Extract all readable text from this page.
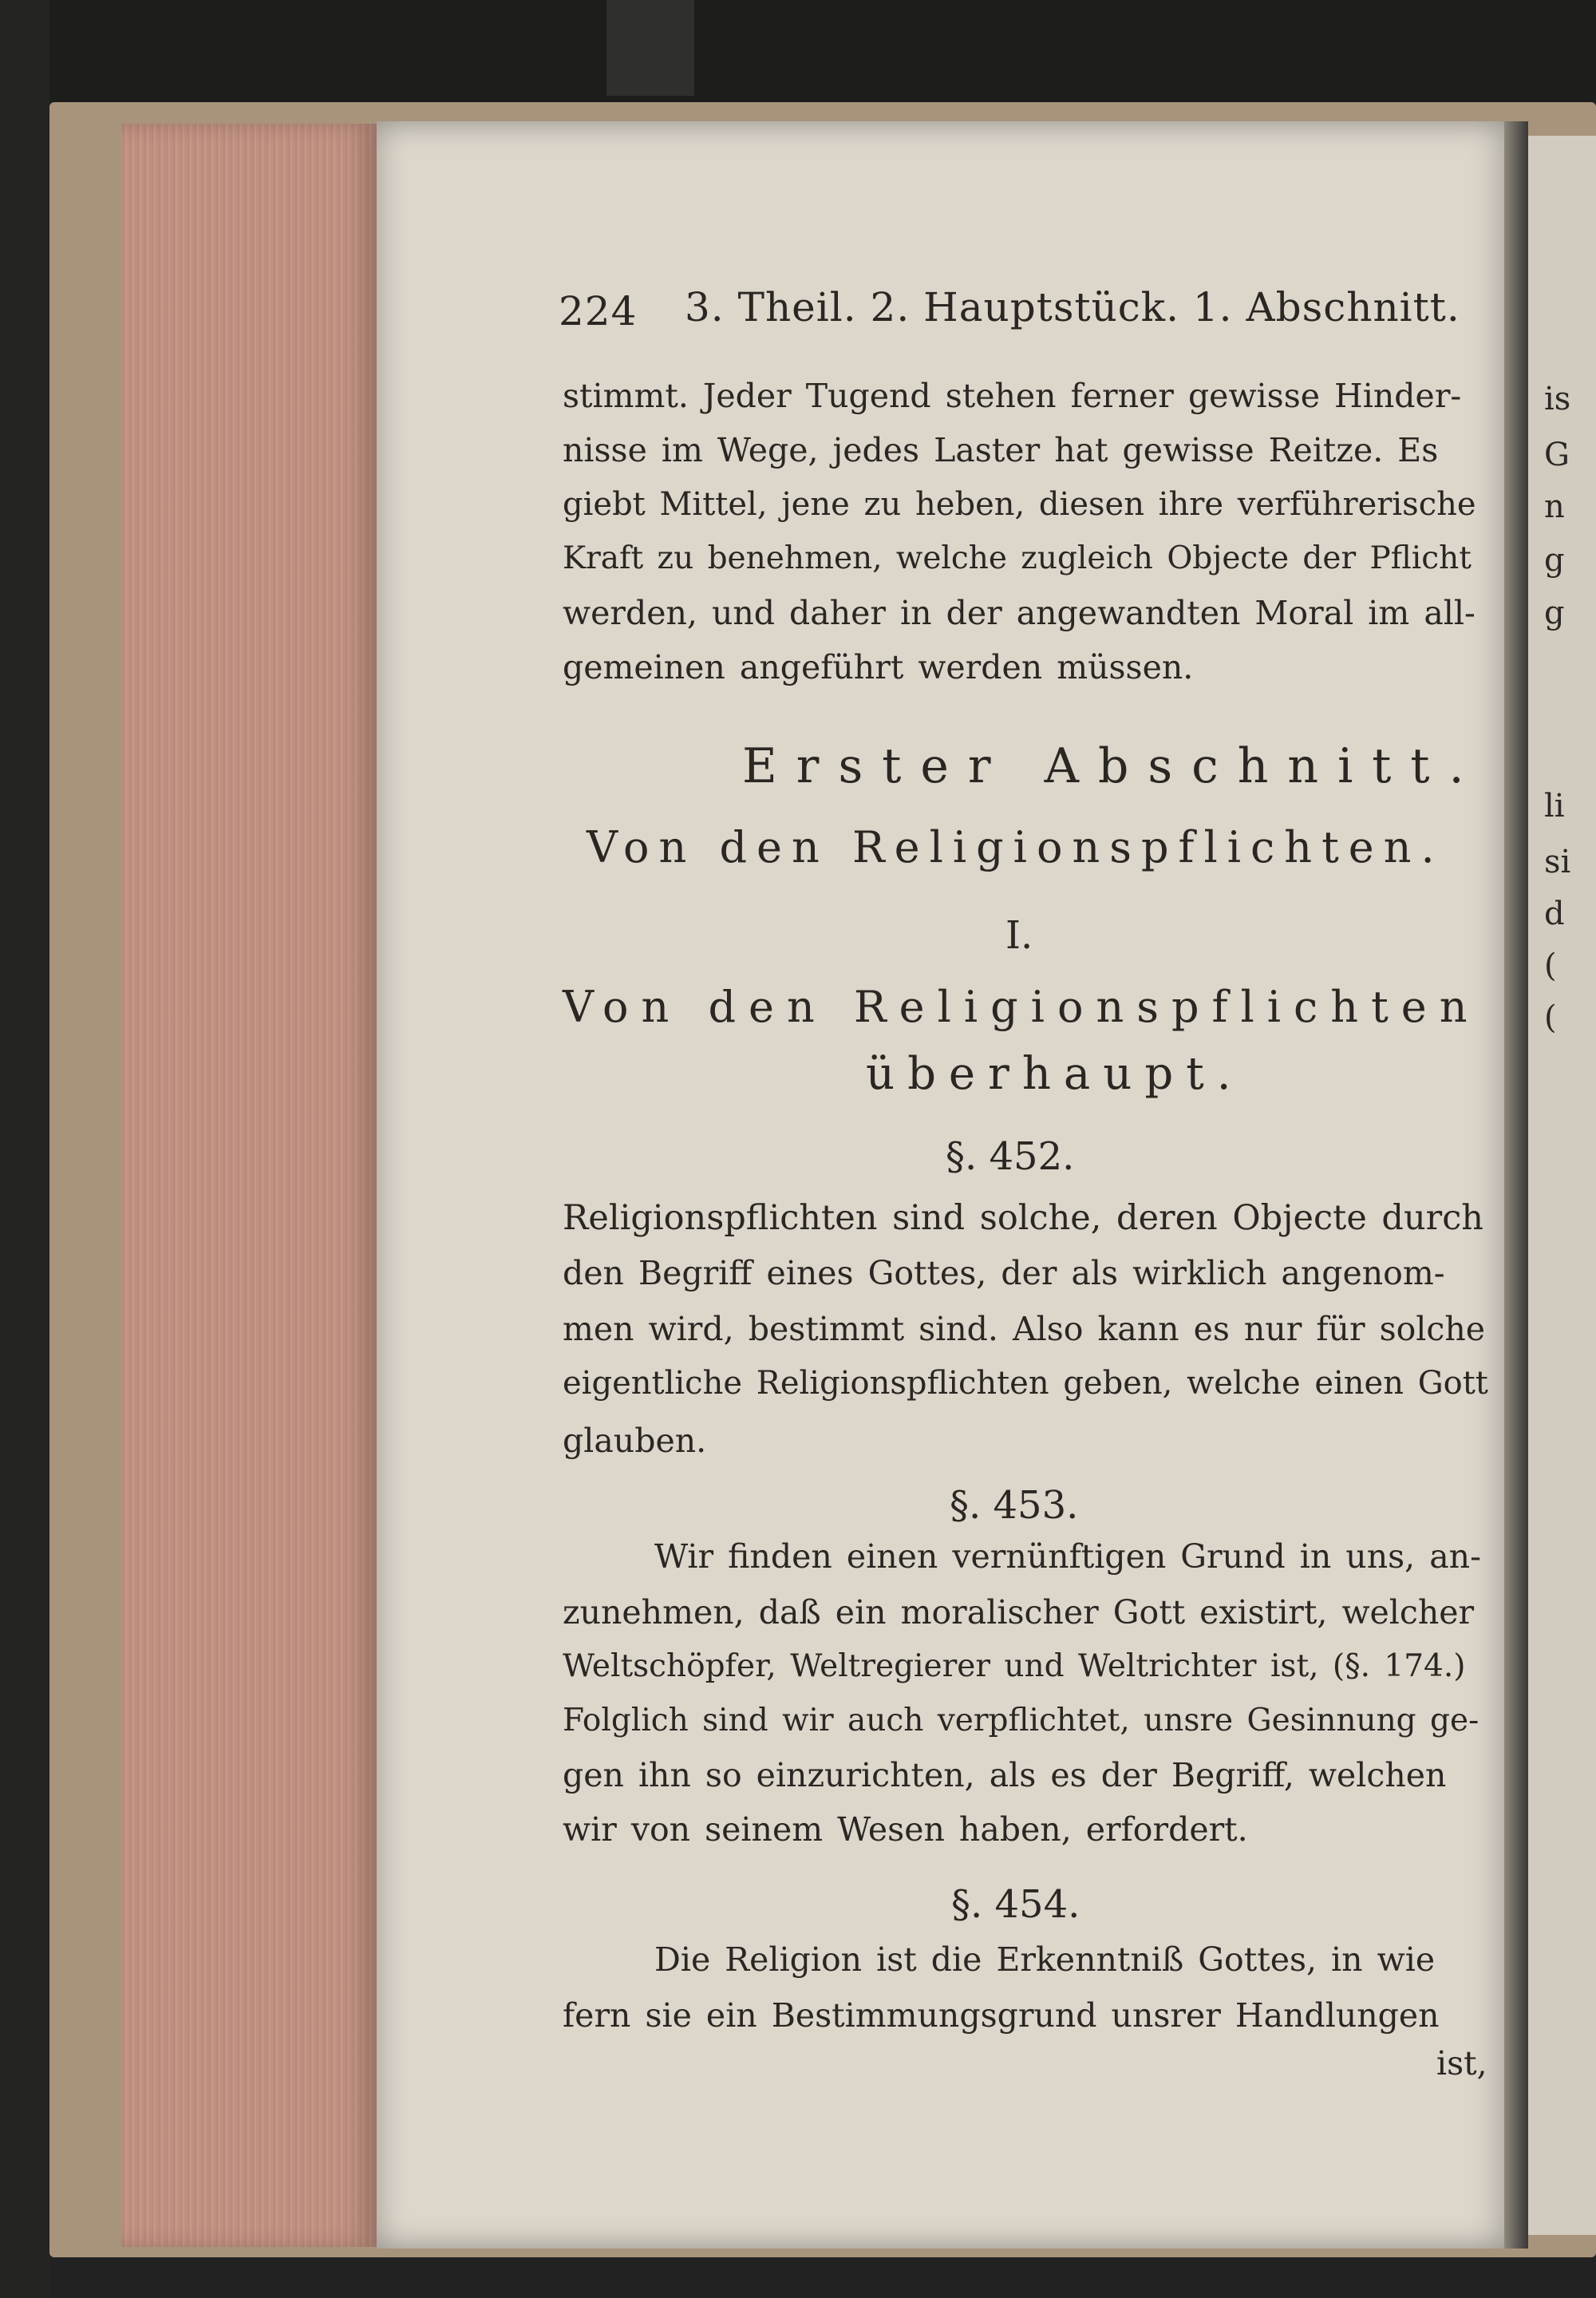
is
G
n
g
g
li
si
d
(
(
224 3. Theil. 2. Hauptstück. 1. Abschnitt.
stimmt. Jeder Tugend stehen ferner gewisse Hinder-
nisse im Wege, jedes Laster hat gewisse Reitze. Es
giebt Mittel, jene zu heben, diesen ihre verführerische
Kraft zu benehmen, welche zugleich Objecte der Pflicht
werden, und daher in der angewandten Moral im all-
gemeinen angeführt werden müssen.
Erster Abschnitt.
Von den Religionspflichten.
I.
Von den Religionspflichten
überhaupt.
§. 452.
Religionspflichten sind solche, deren Objecte durch
den Begriff eines Gottes, der als wirklich angenom-
men wird, bestimmt sind. Also kann es nur für solche
eigentliche Religionspflichten geben, welche einen Gott
glauben.
§. 453.
Wir finden einen vernünftigen Grund in uns, an-
zunehmen, daß ein moralischer Gott existirt, welcher
Weltschöpfer, Weltregierer und Weltrichter ist, (§. 174.)
Folglich sind wir auch verpflichtet, unsre Gesinnung ge-
gen ihn so einzurichten, als es der Begriff, welchen
wir von seinem Wesen haben, erfordert.
§. 454.
Die Religion ist die Erkenntniß Gottes, in wie
fern sie ein Bestimmungsgrund unsrer Handlungen
ist,
